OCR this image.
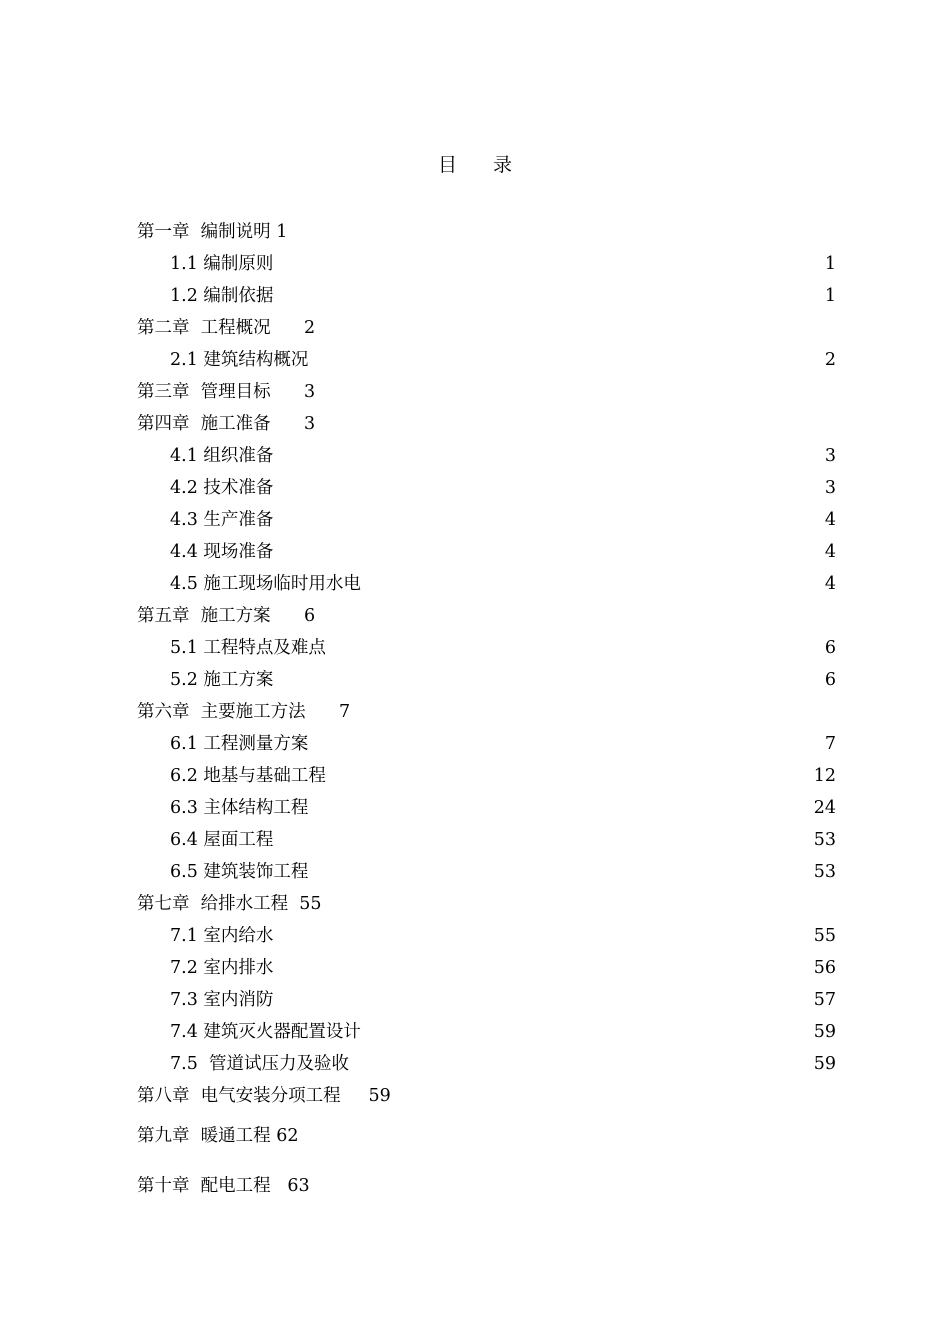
目 录
第一章  编制说明 1
1.1 编制原则	1
1.2 编制依据	1
第二章  工程概况      2
2.1 建筑结构概况	2
第三章  管理目标      3
第四章  施工准备      3
4.1 组织准备	3
4.2 技术准备	3
4.3 生产准备	4
4.4 现场准备	4
4.5 施工现场临时用水电	4
第五章  施工方案      6
5.1 工程特点及难点	6
5.2 施工方案	6
第六章  主要施工方法      7
6.1 工程测量方案	7
6.2 地基与基础工程	12
6.3 主体结构工程	24
6.4 屋面工程	53
6.5 建筑装饰工程	53
第七章  给排水工程  55
7.1 室内给水	55
7.2 室内排水	56
7.3 室内消防	57
7.4 建筑灭火器配置设计	59
7.5  管道试压力及验收	59
第八章  电气安装分项工程     59
第九章  暖通工程 62
第十章  配电工程   63
